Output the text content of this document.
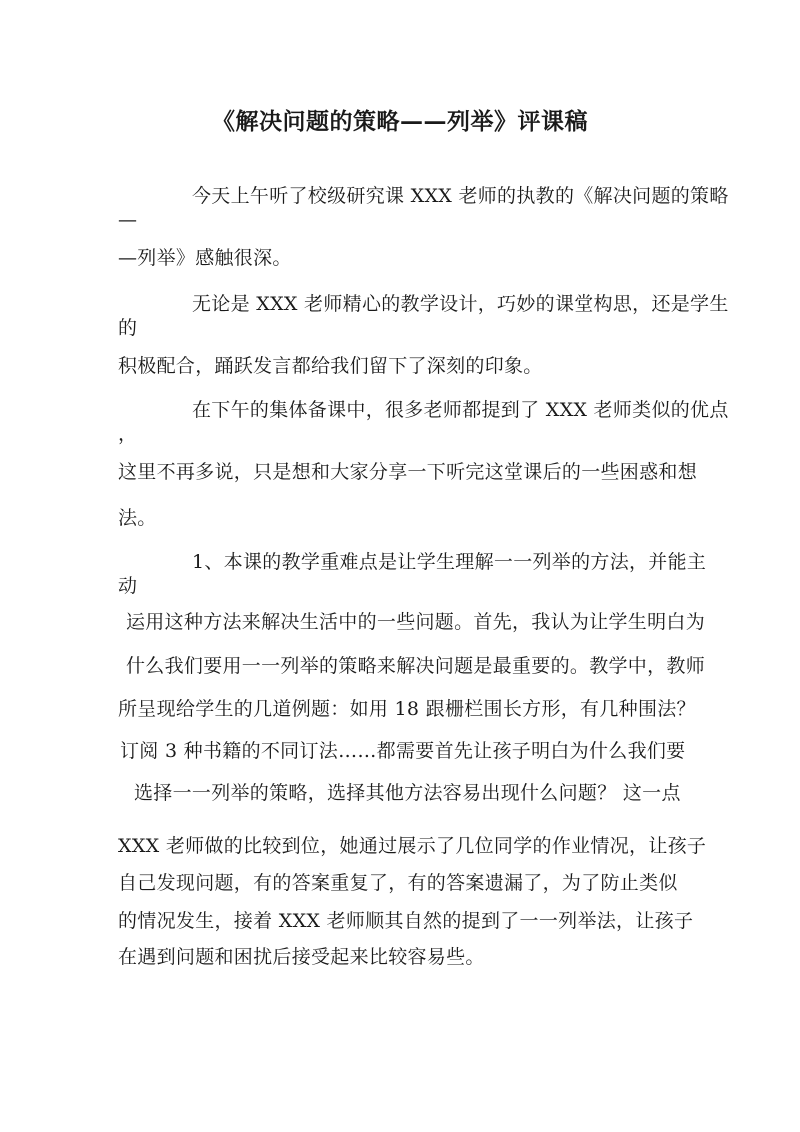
《解决问题的策略——列举》评课稿
今天上午听了校级研究课 XXX 老师的执教的《解决问题的策略
—
—列举》感触很深。
无论是 XXX 老师精心的教学设计，巧妙的课堂构思，还是学生
的
积极配合，踊跃发言都给我们留下了深刻的印象。
在下午的集体备课中，很多老师都提到了 XXX 老师类似的优点
，
这里不再多说，只是想和大家分享一下听完这堂课后的一些困惑和想
法。
1、本课的教学重难点是让学生理解一一列举的方法，并能主
动
运用这种方法来解决生活中的一些问题。首先，我认为让学生明白为
什么我们要用一一列举的策略来解决问题是最重要的。教学中，教师
所呈现给学生的几道例题：如用 18 跟栅栏围长方形，有几种围法？
订阅 3 种书籍的不同订法……都需要首先让孩子明白为什么我们要
选择一一列举的策略，选择其他方法容易出现什么问题？ 这一点
XXX 老师做的比较到位，她通过展示了几位同学的作业情况，让孩子
自己发现问题，有的答案重复了，有的答案遗漏了，为了防止类似
的情况发生，接着 XXX 老师顺其自然的提到了一一列举法，让孩子
在遇到问题和困扰后接受起来比较容易些。
